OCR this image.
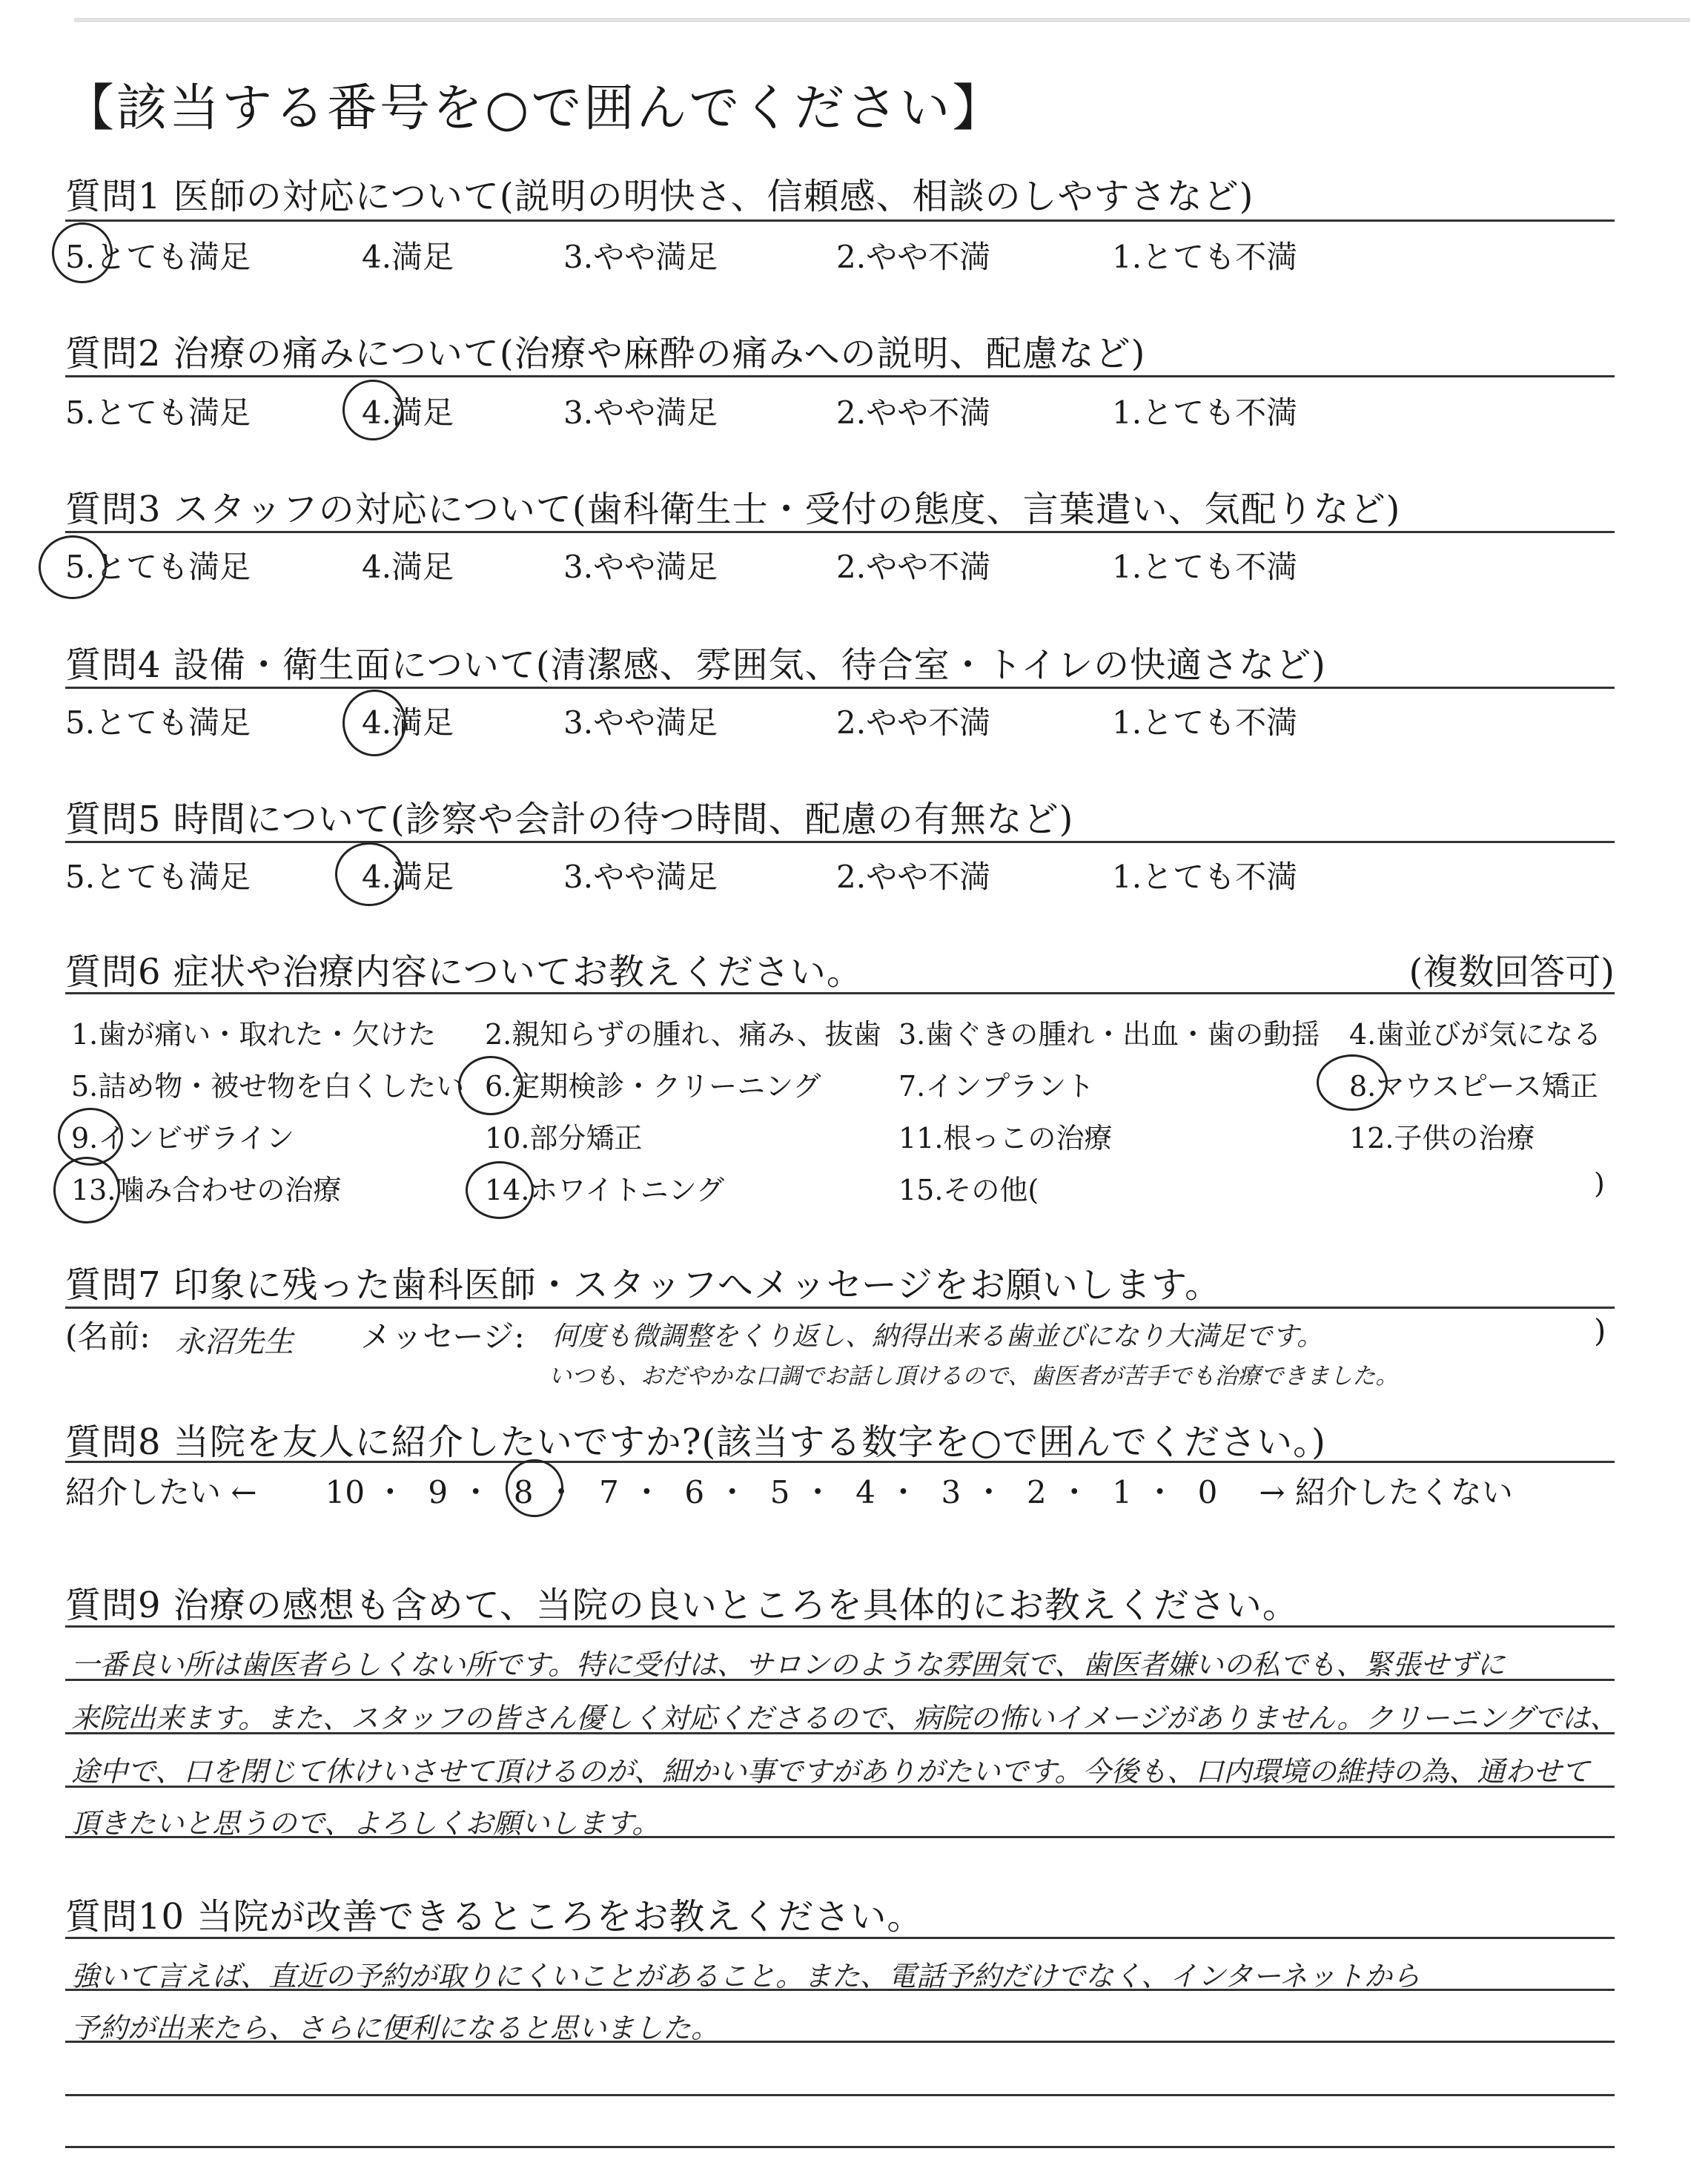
【該当する番号を○で囲んでください】
質問1 医師の対応について(説明の明快さ、信頼感、相談のしやすさなど)
5.とても満足	4.満足	3.やや満足	2.やや不満	1.とても不満
質問2 治療の痛みについて(治療や麻酔の痛みへの説明、配慮など)
5.とても満足	4.満足	3.やや満足	2.やや不満	1.とても不満
質問3 スタッフの対応について(歯科衛生士・受付の態度、言葉遣い、気配りなど)
5.とても満足	4.満足	3.やや満足	2.やや不満	1.とても不満
質問4 設備・衛生面について(清潔感、雰囲気、待合室・トイレの快適さなど)
5.とても満足	4.満足	3.やや満足	2.やや不満	1.とても不満
質問5 時間について(診察や会計の待つ時間、配慮の有無など)
5.とても満足	4.満足	3.やや満足	2.やや不満	1.とても不満
質問6 症状や治療内容についてお教えください。	(複数回答可)
1.歯が痛い・取れた・欠けた 2.親知らずの腫れ、痛み、抜歯 3.歯ぐきの腫れ・出血・歯の動揺 4.歯並びが気になる
5.詰め物・被せ物を白くしたい 6.定期検診・クリーニング	7.インプラント	8.マウスピース矯正
9.インビザライン	10.部分矯正	11.根っこの治療	12.子供の治療
13.噛み合わせの治療	14.ホワイトニング	15.その他(	)
質問7 印象に残った歯科医師・スタッフへメッセージをお願いします。
(名前: 永沼先生 メッセージ: 何度も微調整をくり返し、納得出来る歯並びになり大満足です。
いつも、おだやかな口調でお話し頂けるので、歯医者が苦手でも治療できました。
)
質問8 当院を友人に紹介したいですか?(該当する数字を○で囲んでください。)
紹介したい ← 10 ・ 9 ・ 8 ・ 7 ・ 6 ・ 5 ・ 4 ・ 3 ・ 2 ・ 1 ・ 0 → 紹介したくない
質問9 治療の感想も含めて、当院の良いところを具体的にお教えください。
一番良い所は歯医者らしくない所です。特に受付は、サロンのような雰囲気で、歯医者嫌いの私でも、緊張せずに
来院出来ます。また、スタッフの皆さん優しく対応くださるので、病院の怖いイメージがありません。クリーニングでは、
途中で、口を閉じて休けいさせて頂けるのが、細かい事ですがありがたいです。今後も、口内環境の維持の為、通わせて
頂きたいと思うので、よろしくお願いします。
質問10 当院が改善できるところをお教えください。
強いて言えば、直近の予約が取りにくいことがあること。また、電話予約だけでなく、インターネットから
予約が出来たら、さらに便利になると思いました。
